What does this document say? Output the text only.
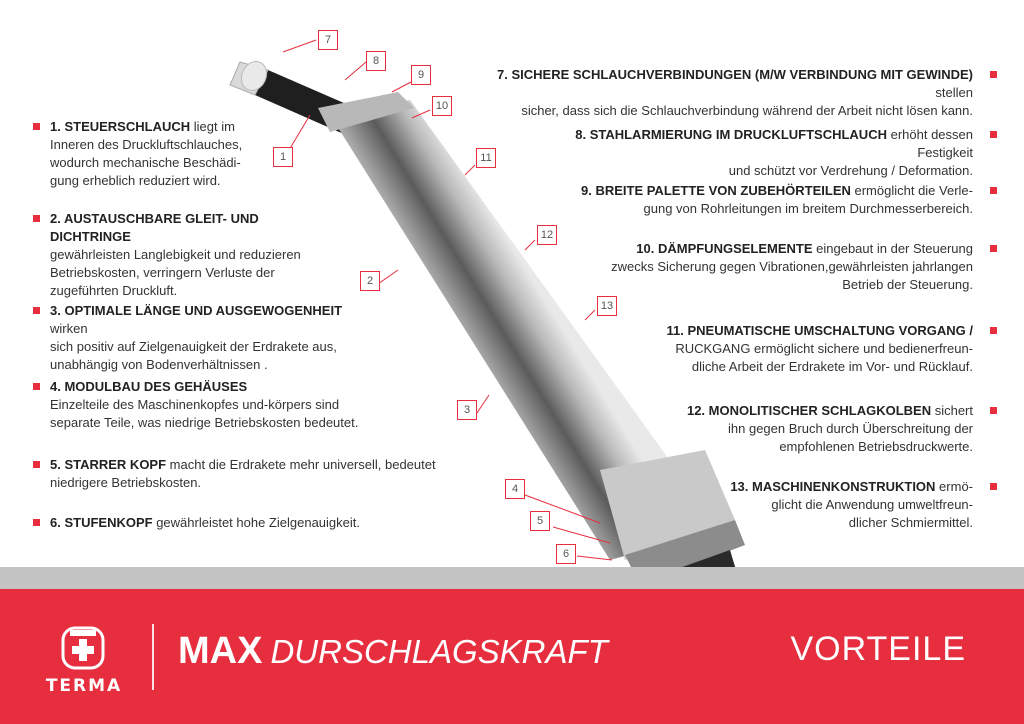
7
8
9
10
1	11
12
2
13
3
4
5
6
1. STEUERSCHLAUCH liegt im
Inneren des Druckluftschlauches,
wodurch mechanische Beschädi-
gung erheblich reduziert wird.
2. AUSTAUSCHBARE GLEIT- UND DICHTRINGE
gewährleisten Langlebigkeit und reduzieren
Betriebskosten, verringern Verluste der
zugeführten Druckluft.
3. OPTIMALE LÄNGE UND AUSGEWOGENHEIT wirken
sich positiv auf Zielgenauigkeit der Erdrakete aus,
unabhängig von Bodenverhältnissen .
4. MODULBAU DES GEHÄUSES
Einzelteile des Maschinenkopfes und-körpers sind
separate Teile, was niedrige Betriebskosten bedeutet.
5. STARRER KOPF macht die Erdrakete mehr universell, bedeutet
niedrigere Betriebskosten.
6. STUFENKOPF gewährleistet hohe Zielgenauigkeit.
7. SICHERE SCHLAUCHVERBINDUNGEN (M/W VERBINDUNG MIT GEWINDE) stellen
sicher, dass sich die Schlauchverbindung während der Arbeit nicht lösen kann.
8. STAHLARMIERUNG IM DRUCKLUFTSCHLAUCH erhöht dessen Festigkeit
und schützt vor Verdrehung / Deformation.
9. BREITE PALETTE VON ZUBEHÖRTEILEN ermöglicht die Verle-
gung von Rohrleitungen im breitem Durchmesserbereich.
10. DÄMPFUNGSELEMENTE eingebaut in der Steuerung
zwecks Sicherung gegen Vibrationen,gewährleisten jahrlangen
Betrieb der Steuerung.
11. PNEUMATISCHE UMSCHALTUNG VORGANG /
RUCKGANG ermöglicht sichere und bedienerfreun-
dliche Arbeit der Erdrakete im Vor- und Rücklauf.
12. MONOLITISCHER SCHLAGKOLBEN sichert
ihn gegen Bruch durch Überschreitung der
empfohlenen Betriebsdruckwerte.
13. MASCHINENKONSTRUKTION ermö-
glicht die Anwendung umweltfreun-
dlicher Schmiermittel.
TERMA
MAX DURSCHLAGSKRAFT	VORTEILE
